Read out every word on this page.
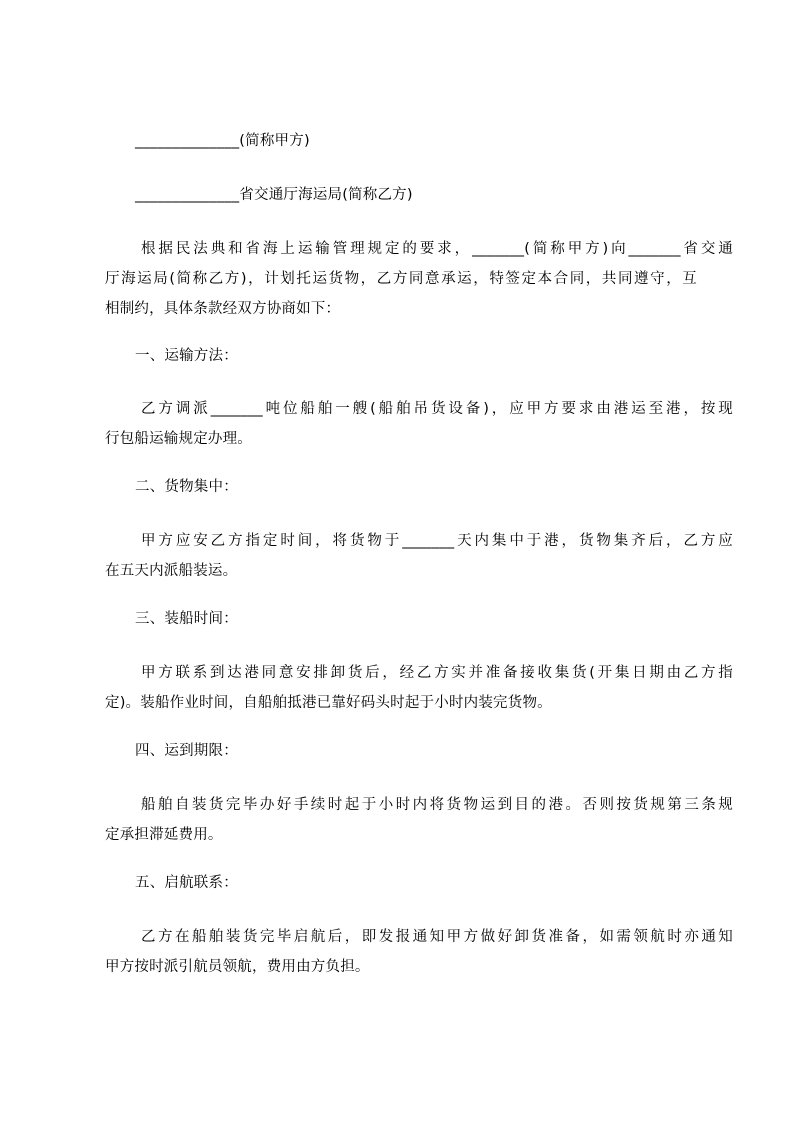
______________(简称甲方)
______________省交通厅海运局(简称乙方)
根据民法典和省海上运输管理规定的要求，_______(简称甲方)向_______省交通
厅海运局(简称乙方)，计划托运货物，乙方同意承运，特签定本合同，共同遵守，互
相制约，具体条款经双方协商如下：
一、运输方法：
乙方调派_______吨位船舶一艘(船舶吊货设备)，应甲方要求由港运至港，按现
行包船运输规定办理。
二、货物集中：
甲方应安乙方指定时间，将货物于_______天内集中于港，货物集齐后，乙方应
在五天内派船装运。
三、装船时间：
甲方联系到达港同意安排卸货后，经乙方实并准备接收集货(开集日期由乙方指
定)。装船作业时间，自船舶抵港已靠好码头时起于小时内装完货物。
四、运到期限：
船舶自装货完毕办好手续时起于小时内将货物运到目的港。否则按货规第三条规
定承担滞延费用。
五、启航联系：
乙方在船舶装货完毕启航后，即发报通知甲方做好卸货准备，如需领航时亦通知
甲方按时派引航员领航，费用由方负担。
